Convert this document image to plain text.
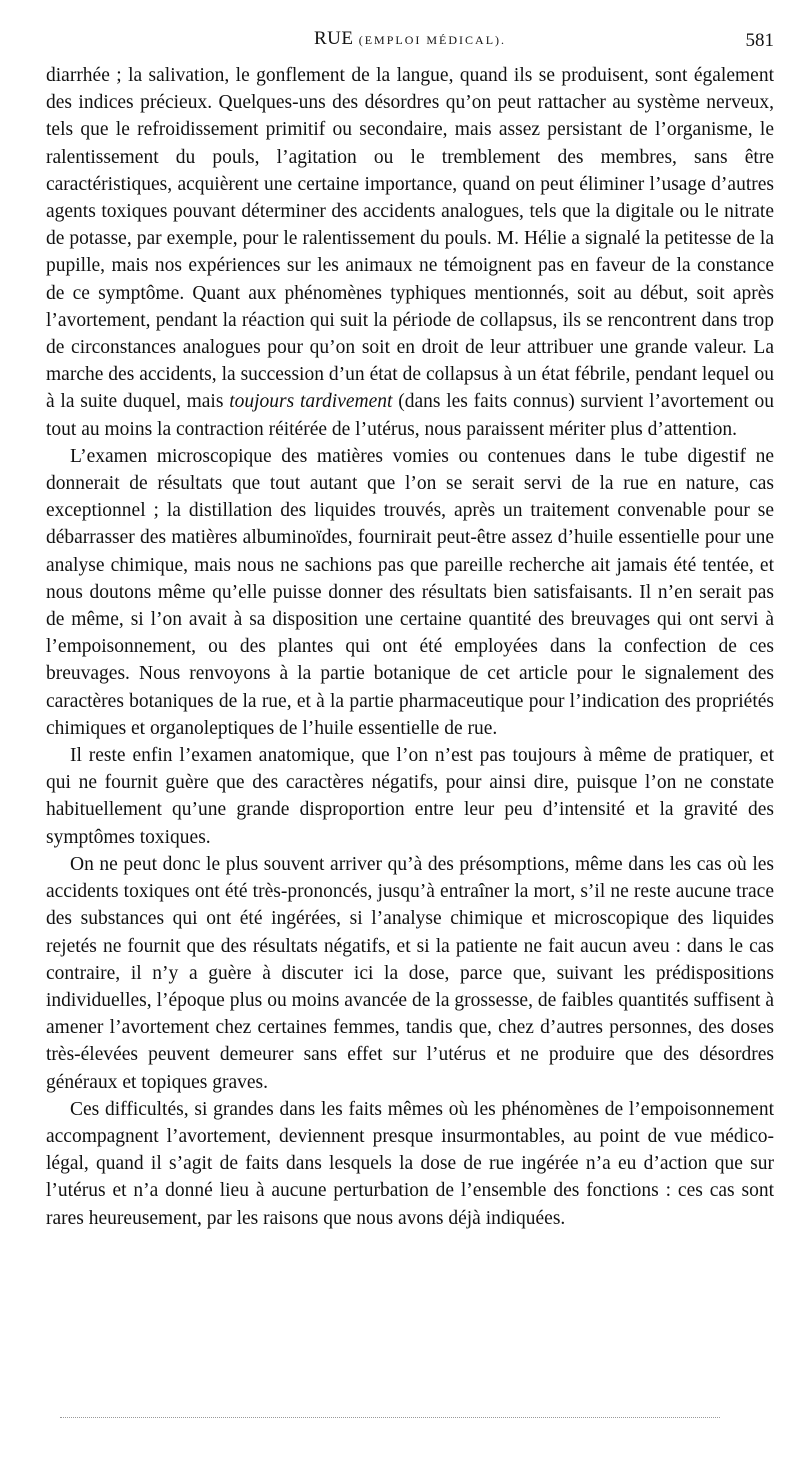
RUE (EMPLOI MÉDICAL).	581

diarrhée ; la salivation, le gonflement de la langue, quand ils se produisent, sont également des indices précieux. Quelques-uns des désordres qu’on peut rattacher au système nerveux, tels que le refroidissement primitif ou secondaire, mais assez persistant de l’organisme, le ralentissement du pouls, l’agitation ou le tremblement des membres, sans être caractéristiques, acquièrent une certaine importance, quand on peut éliminer l’usage d’autres agents toxiques pouvant déterminer des accidents analogues, tels que la digitale ou le nitrate de potasse, par exemple, pour le ralentissement du pouls. M. Hélie a signalé la petitesse de la pupille, mais nos expériences sur les animaux ne témoignent pas en faveur de la constance de ce symptôme. Quant aux phénomènes typhiques mentionnés, soit au début, soit après l’avortement, pendant la réaction qui suit la période de collapsus, ils se rencontrent dans trop de circonstances analogues pour qu’on soit en droit de leur attribuer une grande valeur. La marche des accidents, la succession d’un état de collapsus à un état fébrile, pendant lequel ou à la suite duquel, mais toujours tardivement (dans les faits connus) survient l’avortement ou tout au moins la contraction réitérée de l’utérus, nous paraissent mériter plus d’attention.

L’examen microscopique des matières vomies ou contenues dans le tube digestif ne donnerait de résultats que tout autant que l’on se serait servi de la rue en nature, cas exceptionnel ; la distillation des liquides trouvés, après un traitement convenable pour se débarrasser des matières albuminoïdes, fournirait peut-être assez d’huile essentielle pour une analyse chimique, mais nous ne sachions pas que pareille recherche ait jamais été tentée, et nous doutons même qu’elle puisse donner des résultats bien satisfaisants. Il n’en serait pas de même, si l’on avait à sa disposition une certaine quantité des breuvages qui ont servi à l’empoisonnement, ou des plantes qui ont été employées dans la confection de ces breuvages. Nous renvoyons à la partie botanique de cet article pour le signalement des caractères botaniques de la rue, et à la partie pharmaceutique pour l’indication des propriétés chimiques et organoleptiques de l’huile essentielle de rue.

Il reste enfin l’examen anatomique, que l’on n’est pas toujours à même de pratiquer, et qui ne fournit guère que des caractères négatifs, pour ainsi dire, puisque l’on ne constate habituellement qu’une grande disproportion entre leur peu d’intensité et la gravité des symptômes toxiques.

On ne peut donc le plus souvent arriver qu’à des présomptions, même dans les cas où les accidents toxiques ont été très-prononcés, jusqu’à entraîner la mort, s’il ne reste aucune trace des substances qui ont été ingérées, si l’analyse chimique et microscopique des liquides rejetés ne fournit que des résultats négatifs, et si la patiente ne fait aucun aveu : dans le cas contraire, il n’y a guère à discuter ici la dose, parce que, suivant les prédispositions individuelles, l’époque plus ou moins avancée de la grossesse, de faibles quantités suffisent à amener l’avortement chez certaines femmes, tandis que, chez d’autres personnes, des doses très-élevées peuvent demeurer sans effet sur l’utérus et ne produire que des désordres généraux et topiques graves.

Ces difficultés, si grandes dans les faits mêmes où les phénomènes de l’empoisonnement accompagnent l’avortement, deviennent presque insurmontables, au point de vue médico-légal, quand il s’agit de faits dans lesquels la dose de rue ingérée n’a eu d’action que sur l’utérus et n’a donné lieu à aucune perturbation de l’ensemble des fonctions : ces cas sont rares heureusement, par les raisons que nous avons déjà indiquées.
